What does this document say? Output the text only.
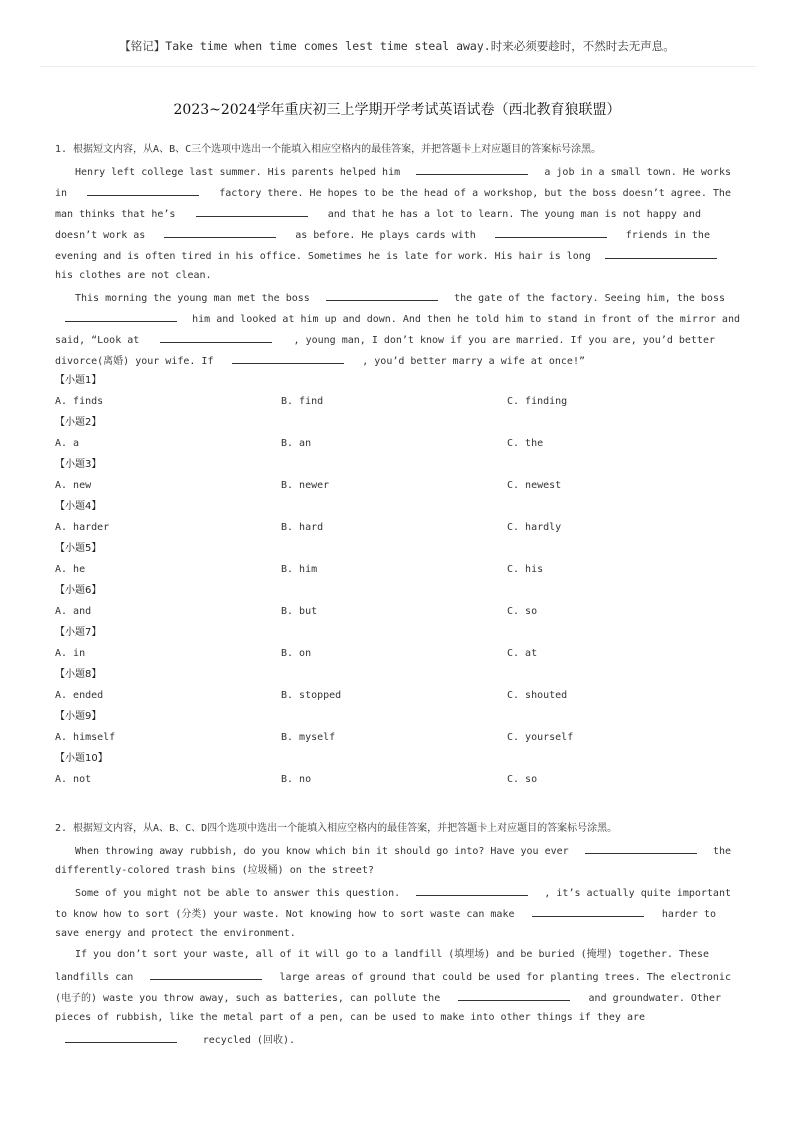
【铭记】Take time when time comes lest time steal away.时来必须要趁时，不然时去无声息。
2023~2024学年重庆初三上学期开学考试英语试卷（西北教育狼联盟）
1. 根据短文内容，从A、B、C三个选项中选出一个能填入相应空格内的最佳答案，并把答题卡上对应题目的答案标号涂黑。
Henry left college last summer. His parents helped him	a job in a small town. He works
in	factory there. He hopes to be the head of a workshop, but the boss doesn’t agree. The
man thinks that he’s	and that he has a lot to learn. The young man is not happy and
doesn’t work as	as before. He plays cards with	friends in the
evening and is often tired in his office. Sometimes he is late for work. His hair is long
his clothes are not clean.
This morning the young man met the boss	the gate of the factory. Seeing him, the boss
him and looked at him up and down. And then he told him to stand in front of the mirror and
said, “Look at	, young man, I don’t know if you are married. If you are, you’d better
divorce(离婚) your wife. If	, you’d better marry a wife at once!”
【小题1】
A. finds	B. find	C. finding
【小题2】
A. a	B. an	C. the
【小题3】
A. new	B. newer	C. newest
【小题4】
A. harder	B. hard	C. hardly
【小题5】
A. he	B. him	C. his
【小题6】
A. and	B. but	C. so
【小题7】
A. in	B. on	C. at
【小题8】
A. ended	B. stopped	C. shouted
【小题9】
A. himself	B. myself	C. yourself
【小题10】
A. not	B. no	C. so
2. 根据短文内容，从A、B、C、D四个选项中选出一个能填入相应空格内的最佳答案，并把答题卡上对应题目的答案标号涂黑。
When throwing away rubbish, do you know which bin it should go into? Have you ever	the
differently-colored trash bins (垃圾桶) on the street?
Some of you might not be able to answer this question.	, it’s actually quite important
to know how to sort (分类) your waste. Not knowing how to sort waste can make	harder to
save energy and protect the environment.
If you don’t sort your waste, all of it will go to a landfill (填埋场) and be buried (掩埋) together. These
landfills can	large areas of ground that could be used for planting trees. The electronic
(电子的) waste you throw away, such as batteries, can pollute the	and groundwater. Other
pieces of rubbish, like the metal part of a pen, can be used to make into other things if they are
recycled (回收).
